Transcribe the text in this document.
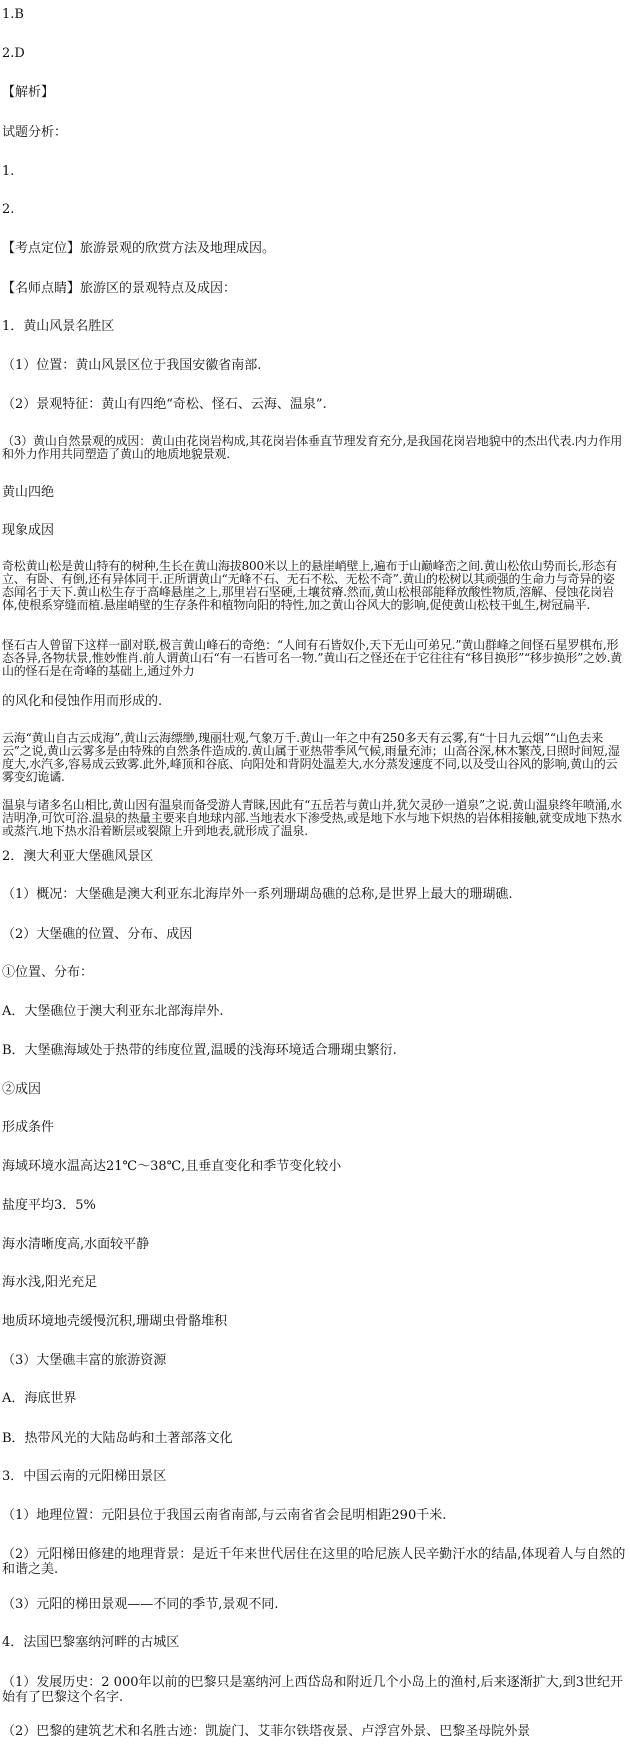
1.B

2.D

【解析】

试题分析：

1.

2.

【考点定位】旅游景观的欣赏方法及地理成因。

【名师点睛】旅游区的景观特点及成因：

1．黄山风景名胜区

（1）位置：黄山风景区位于我国安徽省南部.

（2）景观特征：黄山有四绝“奇松、怪石、云海、温泉”.

（3）黄山自然景观的成因：黄山由花岗岩构成,其花岗岩体垂直节理发育充分,是我国花岗岩地貌中的杰出代表.内力作用和外力作用共同塑造了黄山的地质地貌景观.

黄山四绝

现象成因

奇松黄山松是黄山特有的树种,生长在黄山海拔800米以上的悬崖峭壁上,遍布于山巅峰峦之间.黄山松依山势而长,形态有立、有卧、有倒,还有异体同干.正所谓黄山“无峰不石、无石不松、无松不奇”.黄山的松树以其顽强的生命力与奇异的姿态闻名于天下.黄山松生存于高峰悬崖之上,那里岩石坚硬,土壤贫瘠.然而,黄山松根部能释放酸性物质,溶解、侵蚀花岗岩体,使根系穿缝而植.悬崖峭壁的生存条件和植物向阳的特性,加之黄山谷风大的影响,促使黄山松枝干虬生,树冠扁平.

怪石古人曾留下这样一副对联,极言黄山峰石的奇绝：“人间有石皆奴仆,天下无山可弟兄.”黄山群峰之间怪石星罗棋布,形态各异,各物状景,惟妙惟肖.前人谓黄山石“有一石皆可名一物.”黄山石之怪还在于它往往有“移目换形”“移步换形”之妙.黄山的怪石是在奇峰的基础上,通过外力

的风化和侵蚀作用而形成的.

云海“黄山自古云成海”,黄山云海缥缈,瑰丽壮观,气象万千.黄山一年之中有250多天有云雾,有“十日九云烟”“山色去来云”之说,黄山云雾多是由特殊的自然条件造成的.黄山属于亚热带季风气候,雨量充沛；山高谷深,林木繁茂,日照时间短,湿度大,水汽多,容易成云致雾.此外,峰顶和谷底、向阳处和背阴处温差大,水分蒸发速度不同,以及受山谷风的影响,黄山的云雾变幻诡谲.

温泉与诸多名山相比,黄山因有温泉而备受游人青睐,因此有“五岳若与黄山并,犹欠灵砂一道泉”之说.黄山温泉终年喷涌,水洁明净,可饮可浴.温泉的热量主要来自地球内部.当地表水下渗受热,或是地下水与地下炽热的岩体相接触,就变成地下热水或蒸汽.地下热水沿着断层或裂隙上升到地表,就形成了温泉.

2．澳大利亚大堡礁风景区

（1）概况：大堡礁是澳大利亚东北海岸外一系列珊瑚岛礁的总称,是世界上最大的珊瑚礁.

（2）大堡礁的位置、分布、成因

①位置、分布：

A．大堡礁位于澳大利亚东北部海岸外.

B．大堡礁海域处于热带的纬度位置,温暖的浅海环境适合珊瑚虫繁衍.

②成因

形成条件

海域环境水温高达21℃～38℃,且垂直变化和季节变化较小

盐度平均3．5%

海水清晰度高,水面较平静

海水浅,阳光充足

地质环境地壳缓慢沉积,珊瑚虫骨骼堆积

（3）大堡礁丰富的旅游资源

A．海底世界

B．热带风光的大陆岛屿和土著部落文化

3．中国云南的元阳梯田景区

（1）地理位置：元阳县位于我国云南省南部,与云南省省会昆明相距290千米.

（2）元阳梯田修建的地理背景：是近千年来世代居住在这里的哈尼族人民辛勤汗水的结晶,体现着人与自然的和谐之美.

（3）元阳的梯田景观——不同的季节,景观不同.

4．法国巴黎塞纳河畔的古城区

（1）发展历史：2 000年以前的巴黎只是塞纳河上西岱岛和附近几个小岛上的渔村,后来逐渐扩大,到3世纪开始有了巴黎这个名字.

（2）巴黎的建筑艺术和名胜古迹：凯旋门、艾菲尔铁塔夜景、卢浮宫外景、巴黎圣母院外景
